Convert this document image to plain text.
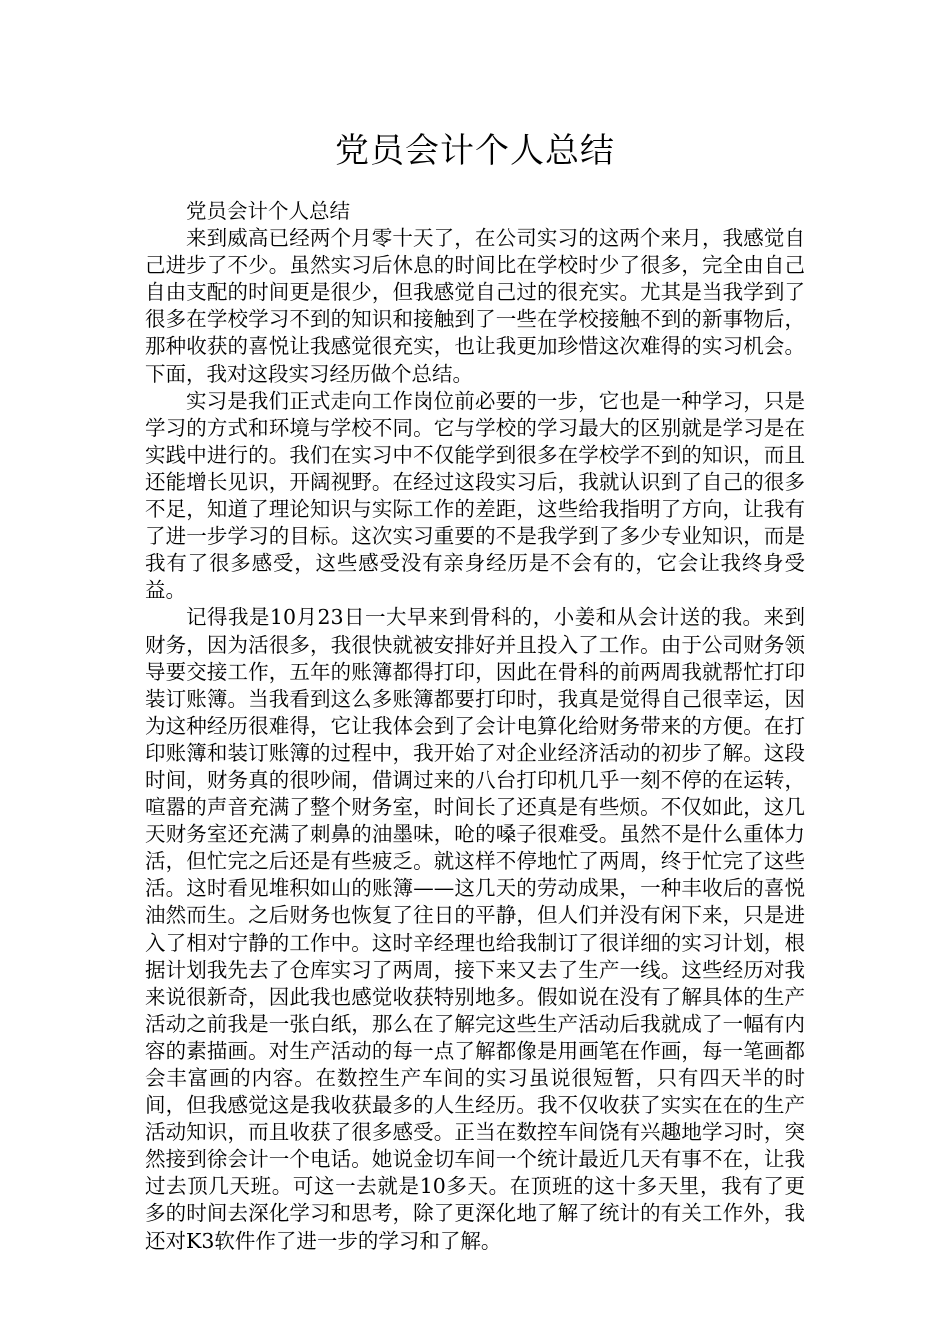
党员会计个人总结

党员会计个人总结

来到威高已经两个月零十天了，在公司实习的这两个来月，我感觉自己进步了不少。虽然实习后休息的时间比在学校时少了很多，完全由自己自由支配的时间更是很少，但我感觉自己过的很充实。尤其是当我学到了很多在学校学习不到的知识和接触到了一些在学校接触不到的新事物后，那种收获的喜悦让我感觉很充实，也让我更加珍惜这次难得的实习机会。下面，我对这段实习经历做个总结。

实习是我们正式走向工作岗位前必要的一步，它也是一种学习，只是学习的方式和环境与学校不同。它与学校的学习最大的区别就是学习是在实践中进行的。我们在实习中不仅能学到很多在学校学不到的知识，而且还能增长见识，开阔视野。在经过这段实习后，我就认识到了自己的很多不足，知道了理论知识与实际工作的差距，这些给我指明了方向，让我有了进一步学习的目标。这次实习重要的不是我学到了多少专业知识，而是我有了很多感受，这些感受没有亲身经历是不会有的，它会让我终身受益。

记得我是10月23日一大早来到骨科的，小姜和从会计送的我。来到财务，因为活很多，我很快就被安排好并且投入了工作。由于公司财务领导要交接工作，五年的账簿都得打印，因此在骨科的前两周我就帮忙打印装订账簿。当我看到这么多账簿都要打印时，我真是觉得自己很幸运，因为这种经历很难得，它让我体会到了会计电算化给财务带来的方便。在打印账簿和装订账簿的过程中，我开始了对企业经济活动的初步了解。这段时间，财务真的很吵闹，借调过来的八台打印机几乎一刻不停的在运转，喧嚣的声音充满了整个财务室，时间长了还真是有些烦。不仅如此，这几天财务室还充满了刺鼻的油墨味，呛的嗓子很难受。虽然不是什么重体力活，但忙完之后还是有些疲乏。就这样不停地忙了两周，终于忙完了这些活。这时看见堆积如山的账簿——这几天的劳动成果，一种丰收后的喜悦油然而生。之后财务也恢复了往日的平静，但人们并没有闲下来，只是进入了相对宁静的工作中。这时辛经理也给我制订了很详细的实习计划，根据计划我先去了仓库实习了两周，接下来又去了生产一线。这些经历对我来说很新奇，因此我也感觉收获特别地多。假如说在没有了解具体的生产活动之前我是一张白纸，那么在了解完这些生产活动后我就成了一幅有内容的素描画。对生产活动的每一点了解都像是用画笔在作画，每一笔画都会丰富画的内容。在数控生产车间的实习虽说很短暂，只有四天半的时间，但我感觉这是我收获最多的人生经历。我不仅收获了实实在在的生产活动知识，而且收获了很多感受。正当在数控车间饶有兴趣地学习时，突然接到徐会计一个电话。她说金切车间一个统计最近几天有事不在，让我过去顶几天班。可这一去就是10多天。在顶班的这十多天里，我有了更多的时间去深化学习和思考，除了更深化地了解了统计的有关工作外，我还对K3软件作了进一步的学习和了解。
